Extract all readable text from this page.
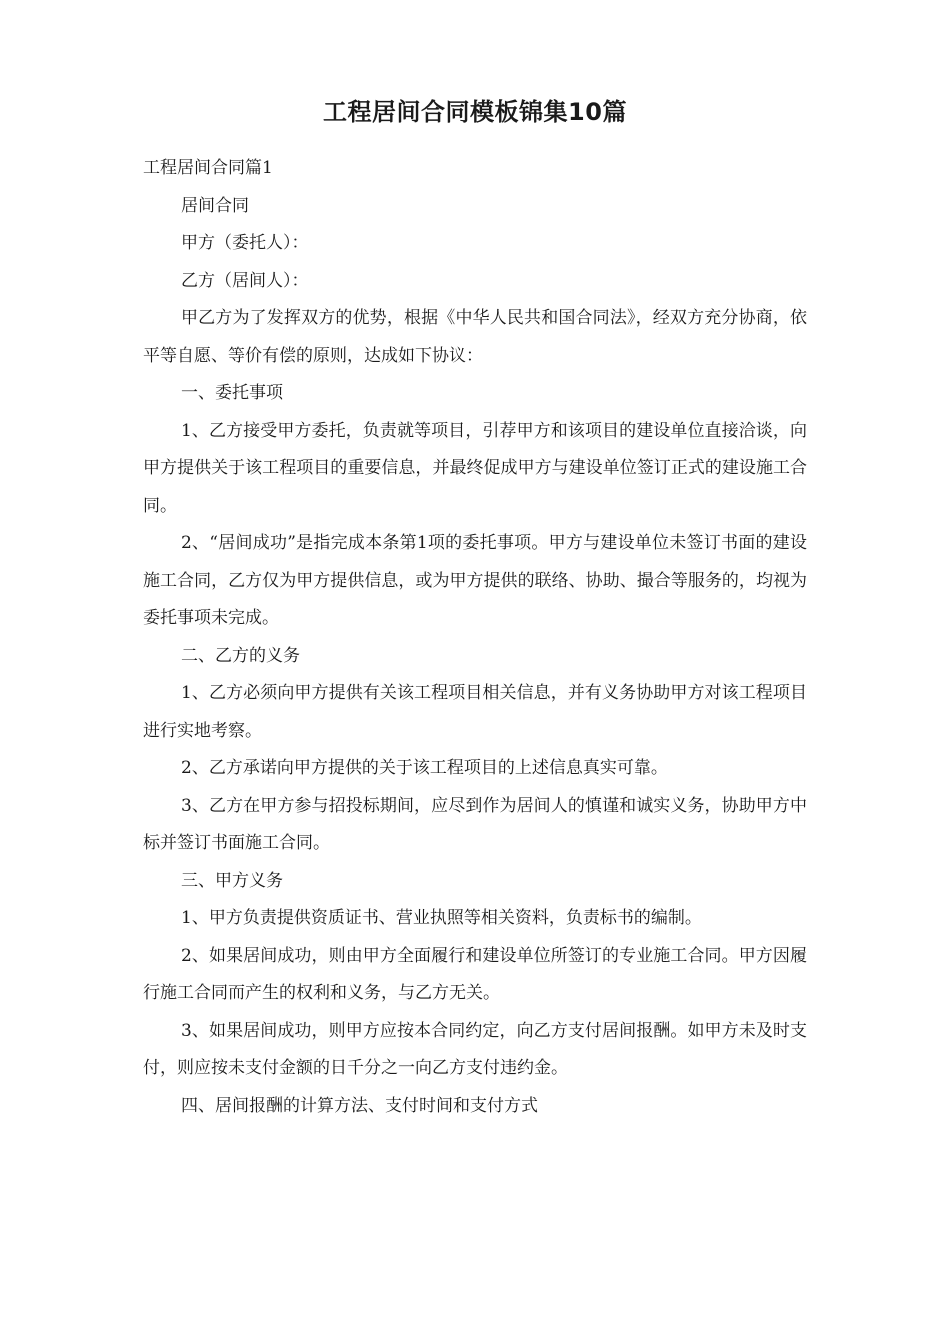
工程居间合同模板锦集10篇

工程居间合同篇1

居间合同

甲方（委托人）：

乙方（居间人）：

甲乙方为了发挥双方的优势，根据《中华人民共和国合同法》，经双方充分协商，依平等自愿、等价有偿的原则，达成如下协议：

一、委托事项

1、乙方接受甲方委托，负责就等项目，引荐甲方和该项目的建设单位直接洽谈，向甲方提供关于该工程项目的重要信息，并最终促成甲方与建设单位签订正式的建设施工合同。

2、“居间成功”是指完成本条第1项的委托事项。甲方与建设单位未签订书面的建设施工合同，乙方仅为甲方提供信息，或为甲方提供的联络、协助、撮合等服务的，均视为委托事项未完成。

二、乙方的义务

1、乙方必须向甲方提供有关该工程项目相关信息，并有义务协助甲方对该工程项目进行实地考察。

2、乙方承诺向甲方提供的关于该工程项目的上述信息真实可靠。

3、乙方在甲方参与招投标期间，应尽到作为居间人的慎谨和诚实义务，协助甲方中标并签订书面施工合同。

三、甲方义务

1、甲方负责提供资质证书、营业执照等相关资料，负责标书的编制。

2、如果居间成功，则由甲方全面履行和建设单位所签订的专业施工合同。甲方因履行施工合同而产生的权利和义务，与乙方无关。

3、如果居间成功，则甲方应按本合同约定，向乙方支付居间报酬。如甲方未及时支付，则应按未支付金额的日千分之一向乙方支付违约金。

四、居间报酬的计算方法、支付时间和支付方式
